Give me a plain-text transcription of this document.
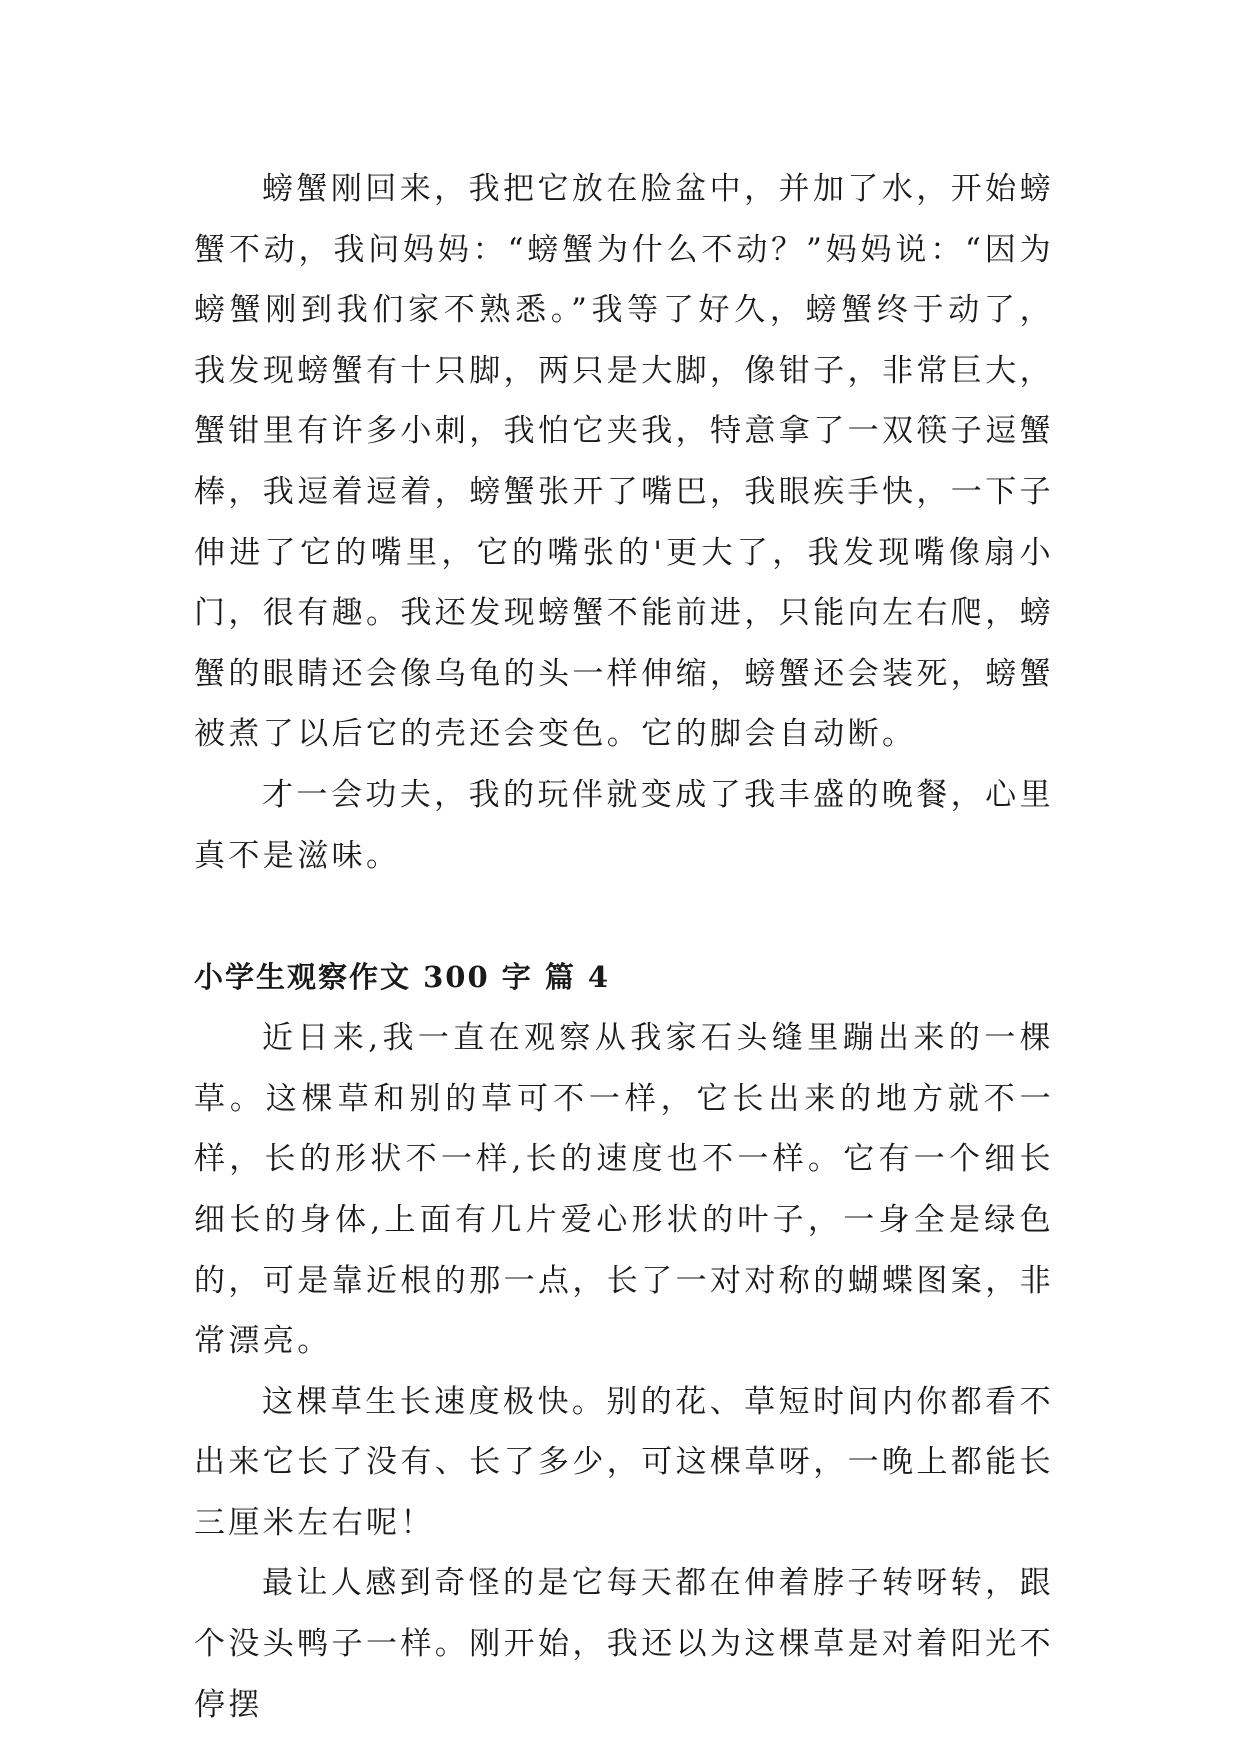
螃蟹刚回来，我把它放在脸盆中，并加了水，开始螃蟹不动，我问妈妈：“螃蟹为什么不动？”妈妈说：“因为螃蟹刚到我们家不熟悉。”我等了好久，螃蟹终于动了，我发现螃蟹有十只脚，两只是大脚，像钳子，非常巨大，蟹钳里有许多小刺，我怕它夹我，特意拿了一双筷子逗蟹棒，我逗着逗着，螃蟹张开了嘴巴，我眼疾手快，一下子伸进了它的嘴里，它的嘴张的'更大了，我发现嘴像扇小门，很有趣。我还发现螃蟹不能前进，只能向左右爬，螃蟹的眼睛还会像乌龟的头一样伸缩，螃蟹还会装死，螃蟹被煮了以后它的壳还会变色。它的脚会自动断。

才一会功夫，我的玩伴就变成了我丰盛的晚餐，心里真不是滋味。

小学生观察作文 300 字 篇 4

近日来,我一直在观察从我家石头缝里蹦出来的一棵草。这棵草和别的草可不一样，它长出来的地方就不一样，长的形状不一样,长的速度也不一样。它有一个细长细长的身体,上面有几片爱心形状的叶子，一身全是绿色的，可是靠近根的那一点，长了一对对称的蝴蝶图案，非常漂亮。

这棵草生长速度极快。别的花、草短时间内你都看不出来它长了没有、长了多少，可这棵草呀，一晚上都能长三厘米左右呢！

最让人感到奇怪的是它每天都在伸着脖子转呀转，跟个没头鸭子一样。刚开始，我还以为这棵草是对着阳光不停摆
